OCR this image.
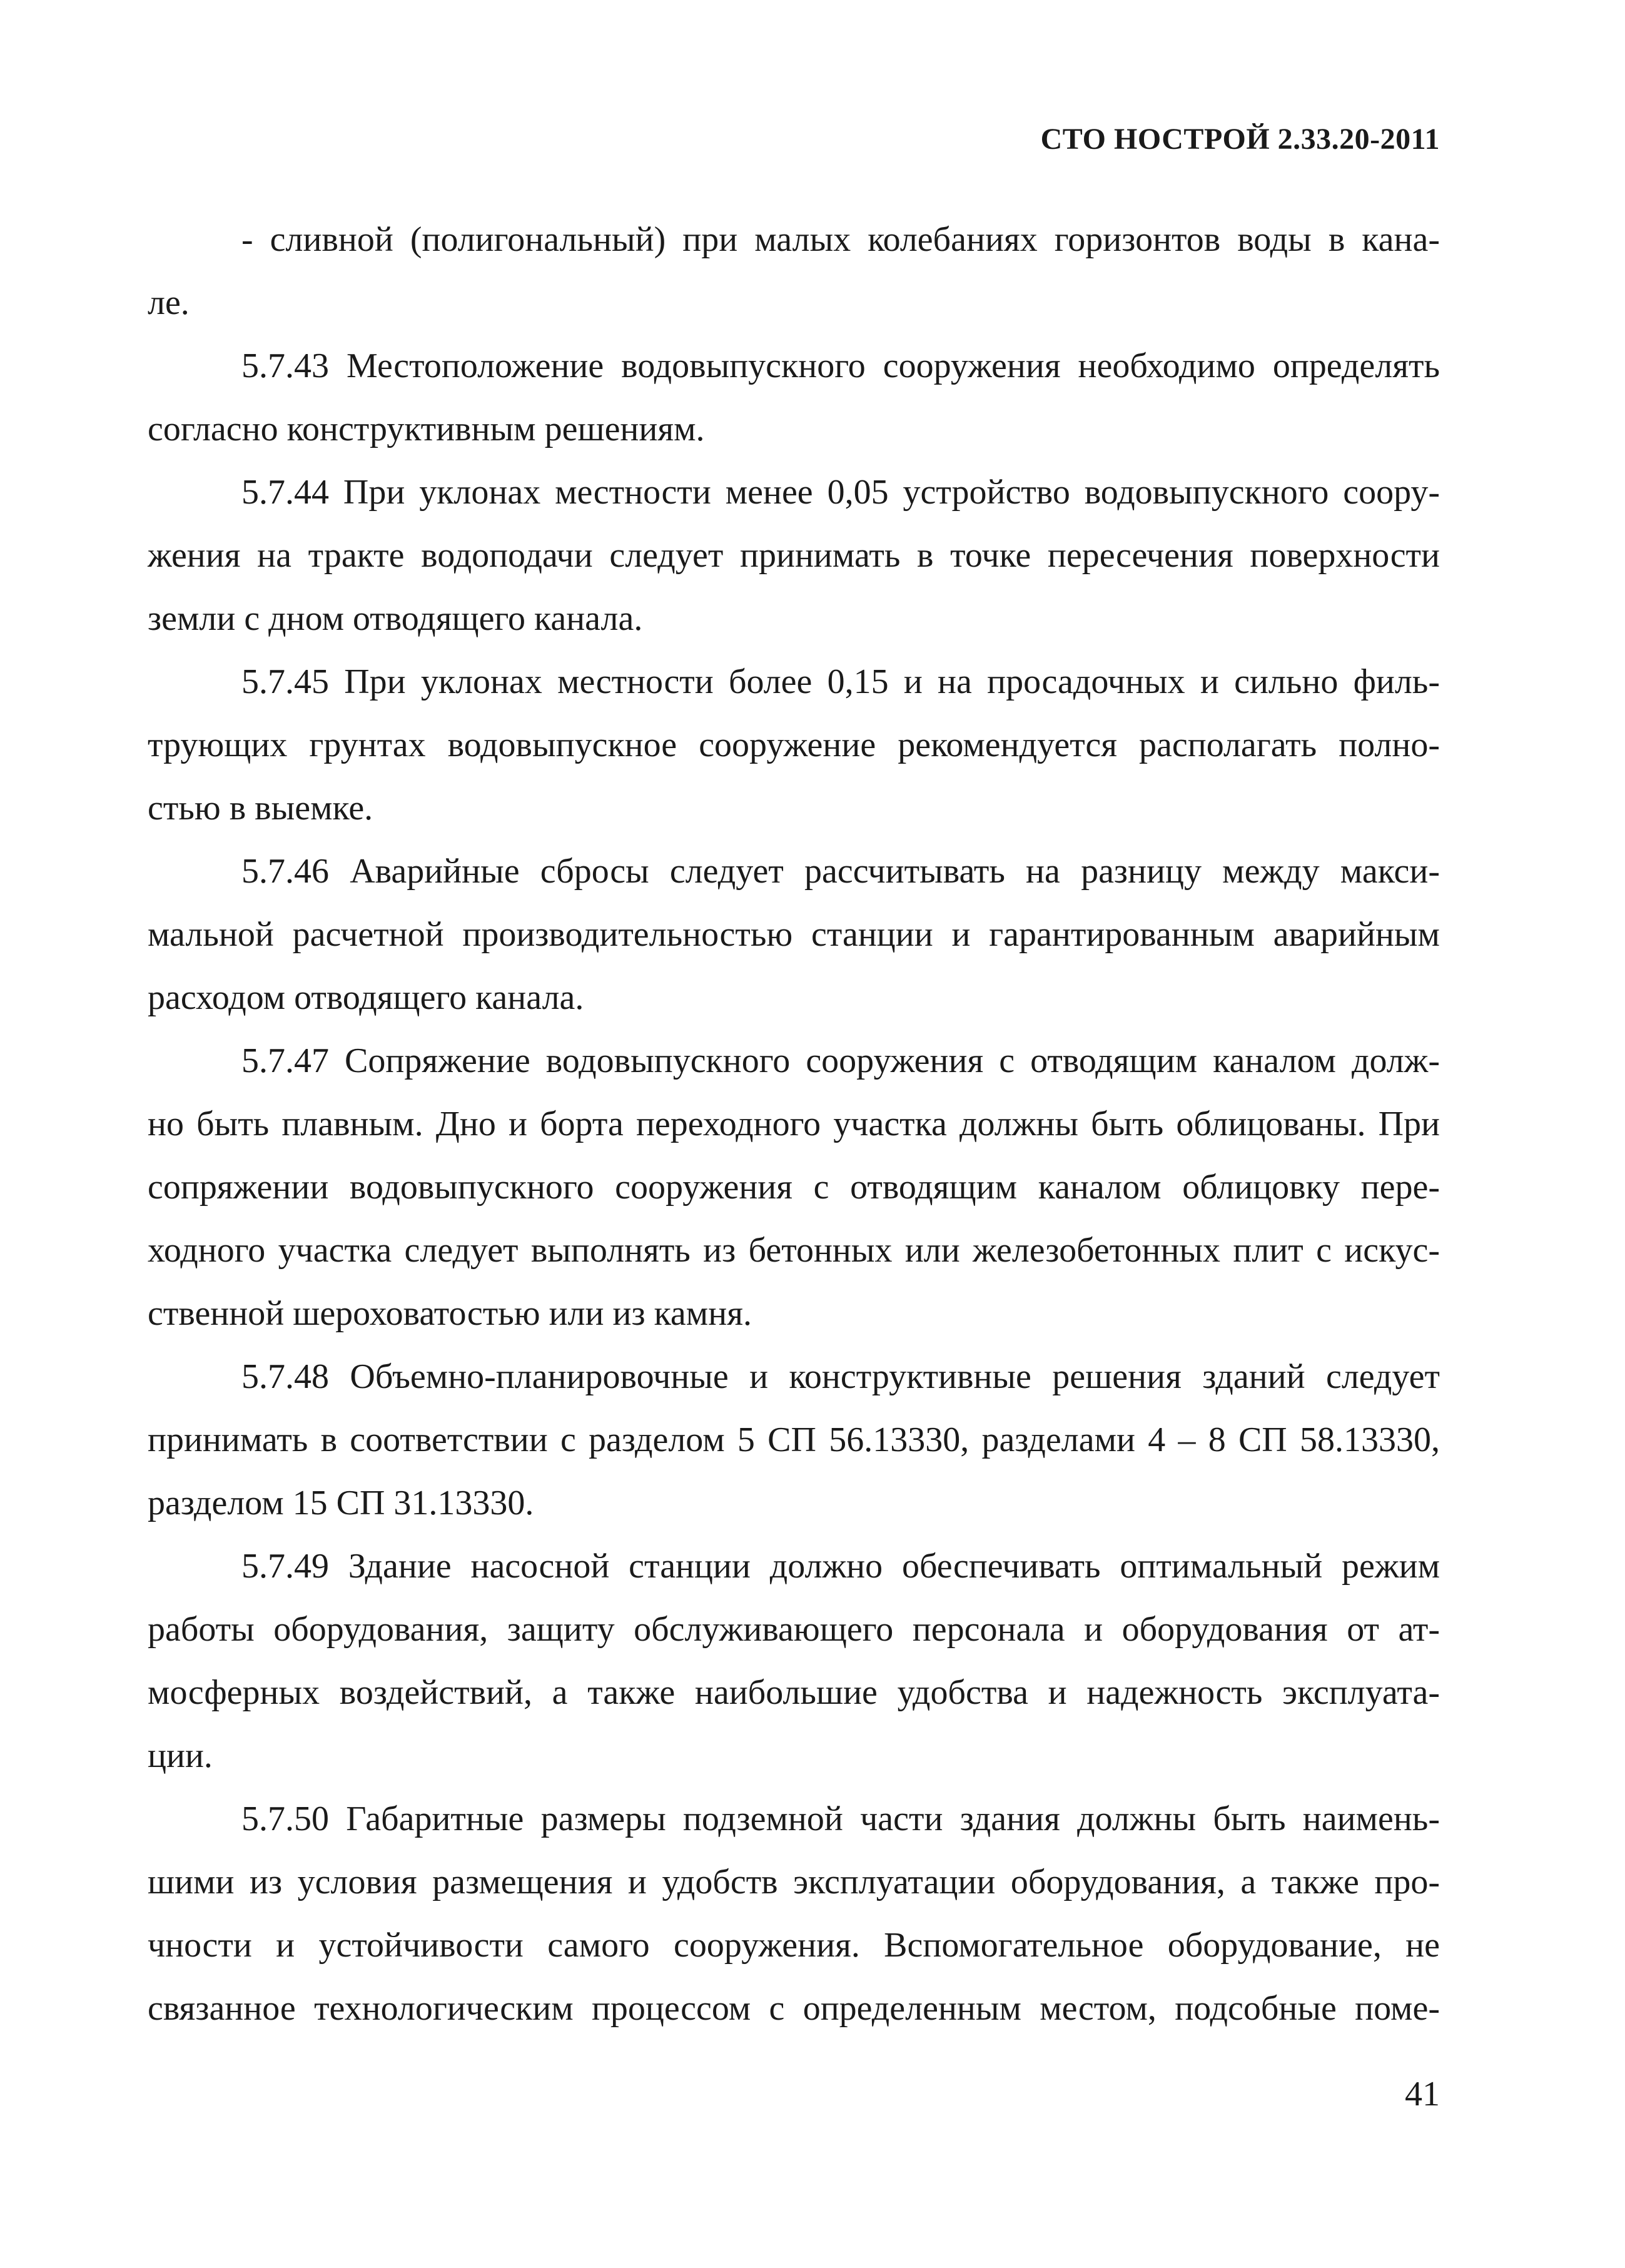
СТО НОСТРОЙ 2.33.20-2011
- сливной (полигональный) при малых колебаниях горизонтов воды в кана-
ле.
5.7.43 Местоположение водовыпускного сооружения необходимо определять
согласно конструктивным решениям.
5.7.44 При уклонах местности менее 0,05 устройство водовыпускного соору-
жения на тракте водоподачи следует принимать в точке пересечения поверхности
земли с дном отводящего канала.
5.7.45 При уклонах местности более 0,15 и на просадочных и сильно филь-
трующих грунтах водовыпускное сооружение рекомендуется располагать полно-
стью в выемке.
5.7.46 Аварийные сбросы следует рассчитывать на разницу между макси-
мальной расчетной производительностью станции и гарантированным аварийным
расходом отводящего канала.
5.7.47 Сопряжение водовыпускного сооружения с отводящим каналом долж-
но быть плавным. Дно и борта переходного участка должны быть облицованы. При
сопряжении водовыпускного сооружения с отводящим каналом облицовку пере-
ходного участка следует выполнять из бетонных или железобетонных плит с искус-
ственной шероховатостью или из камня.
5.7.48 Объемно-планировочные и конструктивные решения зданий следует
принимать в соответствии с разделом 5 СП 56.13330, разделами 4 – 8 СП 58.13330,
разделом 15 СП 31.13330.
5.7.49 Здание насосной станции должно обеспечивать оптимальный режим
работы оборудования, защиту обслуживающего персонала и оборудования от ат-
мосферных воздействий, а также наибольшие удобства и надежность эксплуата-
ции.
5.7.50 Габаритные размеры подземной части здания должны быть наимень-
шими из условия размещения и удобств эксплуатации оборудования, а также про-
чности и устойчивости самого сооружения. Вспомогательное оборудование, не
связанное технологическим процессом с определенным местом, подсобные поме-
41
